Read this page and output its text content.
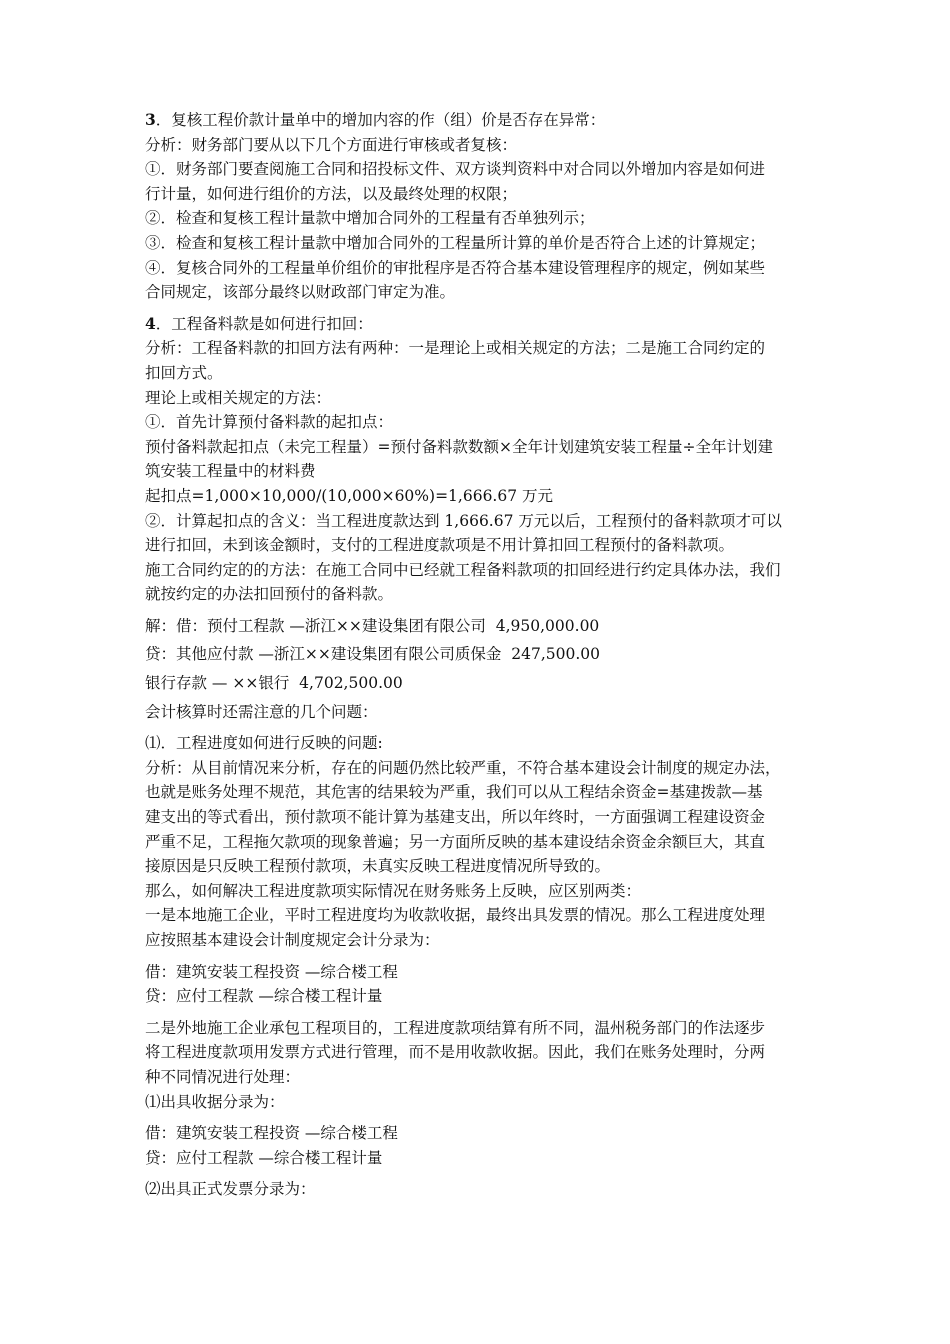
3．复核工程价款计量单中的增加内容的作（组）价是否存在异常：

分析：财务部门要从以下几个方面进行审核或者复核：

①．财务部门要查阅施工合同和招投标文件、双方谈判资料中对合同以外增加内容是如何进

行计量，如何进行组价的方法，以及最终处理的权限；

②．检查和复核工程计量款中增加合同外的工程量有否单独列示；

③．检查和复核工程计量款中增加合同外的工程量所计算的单价是否符合上述的计算规定；

④．复核合同外的工程量单价组价的审批程序是否符合基本建设管理程序的规定，例如某些

合同规定，该部分最终以财政部门审定为准。

4．工程备料款是如何进行扣回：

分析：工程备料款的扣回方法有两种：一是理论上或相关规定的方法；二是施工合同约定的

扣回方式。

理论上或相关规定的方法：

①．首先计算预付备料款的起扣点：

预付备料款起扣点（未完工程量）=预付备料款数额×全年计划建筑安装工程量÷全年计划建

筑安装工程量中的材料费

起扣点=1,000×10,000/(10,000×60%)=1,666.67 万元

②．计算起扣点的含义：当工程进度款达到 1,666.67 万元以后，工程预付的备料款项才可以

进行扣回，未到该金额时，支付的工程进度款项是不用计算扣回工程预付的备料款项。

施工合同约定的的方法：在施工合同中已经就工程备料款项的扣回经进行约定具体办法，我们

就按约定的办法扣回预付的备料款。

解：借：预付工程款 —浙江××建设集团有限公司  4,950,000.00

贷：其他应付款 —浙江××建设集团有限公司质保金  247,500.00

银行存款 — ××银行  4,702,500.00

会计核算时还需注意的几个问题：

⑴．工程进度如何进行反映的问题:

分析：从目前情况来分析，存在的问题仍然比较严重，不符合基本建设会计制度的规定办法，

也就是账务处理不规范，其危害的结果较为严重，我们可以从工程结余资金=基建拨款—基

建支出的等式看出，预付款项不能计算为基建支出，所以年终时，一方面强调工程建设资金

严重不足，工程拖欠款项的现象普遍；另一方面所反映的基本建设结余资金余额巨大，其直

接原因是只反映工程预付款项，未真实反映工程进度情况所导致的。

那么，如何解决工程进度款项实际情况在财务账务上反映，应区别两类：

一是本地施工企业，平时工程进度均为收款收据，最终出具发票的情况。那么工程进度处理

应按照基本建设会计制度规定会计分录为：

借：建筑安装工程投资 —综合楼工程

贷：应付工程款 —综合楼工程计量

二是外地施工企业承包工程项目的，工程进度款项结算有所不同，温州税务部门的作法逐步

将工程进度款项用发票方式进行管理，而不是用收款收据。因此，我们在账务处理时，分两

种不同情况进行处理：

⑴出具收据分录为：

借：建筑安装工程投资 —综合楼工程

贷：应付工程款 —综合楼工程计量

⑵出具正式发票分录为：
